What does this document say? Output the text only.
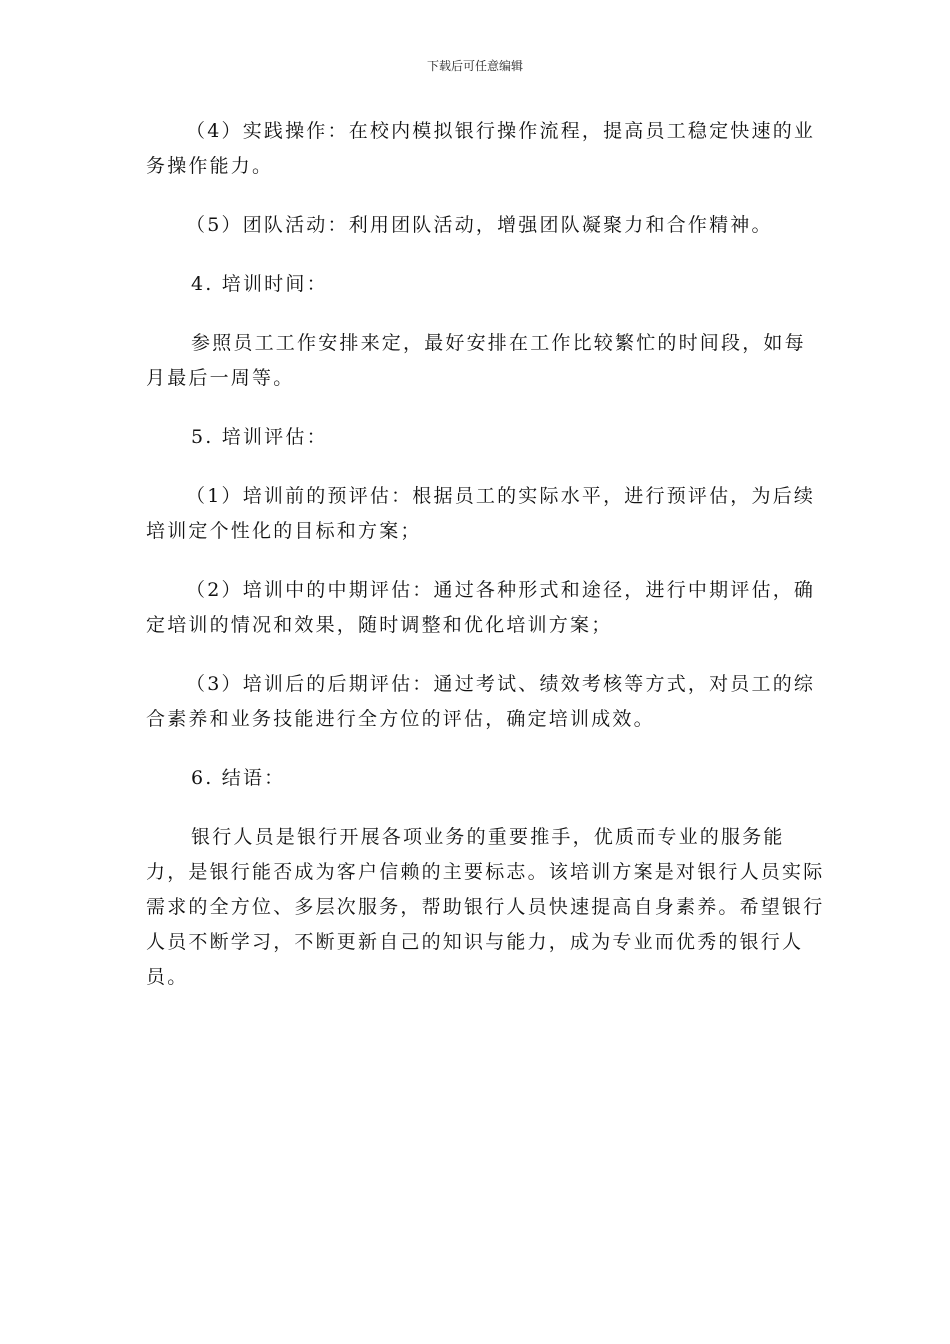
下载后可任意编辑

（4）实践操作：在校内模拟银行操作流程，提高员工稳定快速的业务操作能力。

（5）团队活动：利用团队活动，增强团队凝聚力和合作精神。

4. 培训时间：

参照员工工作安排来定，最好安排在工作比较繁忙的时间段，如每月最后一周等。

5. 培训评估：

（1）培训前的预评估：根据员工的实际水平，进行预评估，为后续培训定个性化的目标和方案；

（2）培训中的中期评估：通过各种形式和途径，进行中期评估，确定培训的情况和效果，随时调整和优化培训方案；

（3）培训后的后期评估：通过考试、绩效考核等方式，对员工的综合素养和业务技能进行全方位的评估，确定培训成效。

6. 结语：

银行人员是银行开展各项业务的重要推手，优质而专业的服务能力，是银行能否成为客户信赖的主要标志。该培训方案是对银行人员实际需求的全方位、多层次服务，帮助银行人员快速提高自身素养。希望银行人员不断学习，不断更新自己的知识与能力，成为专业而优秀的银行人员。
